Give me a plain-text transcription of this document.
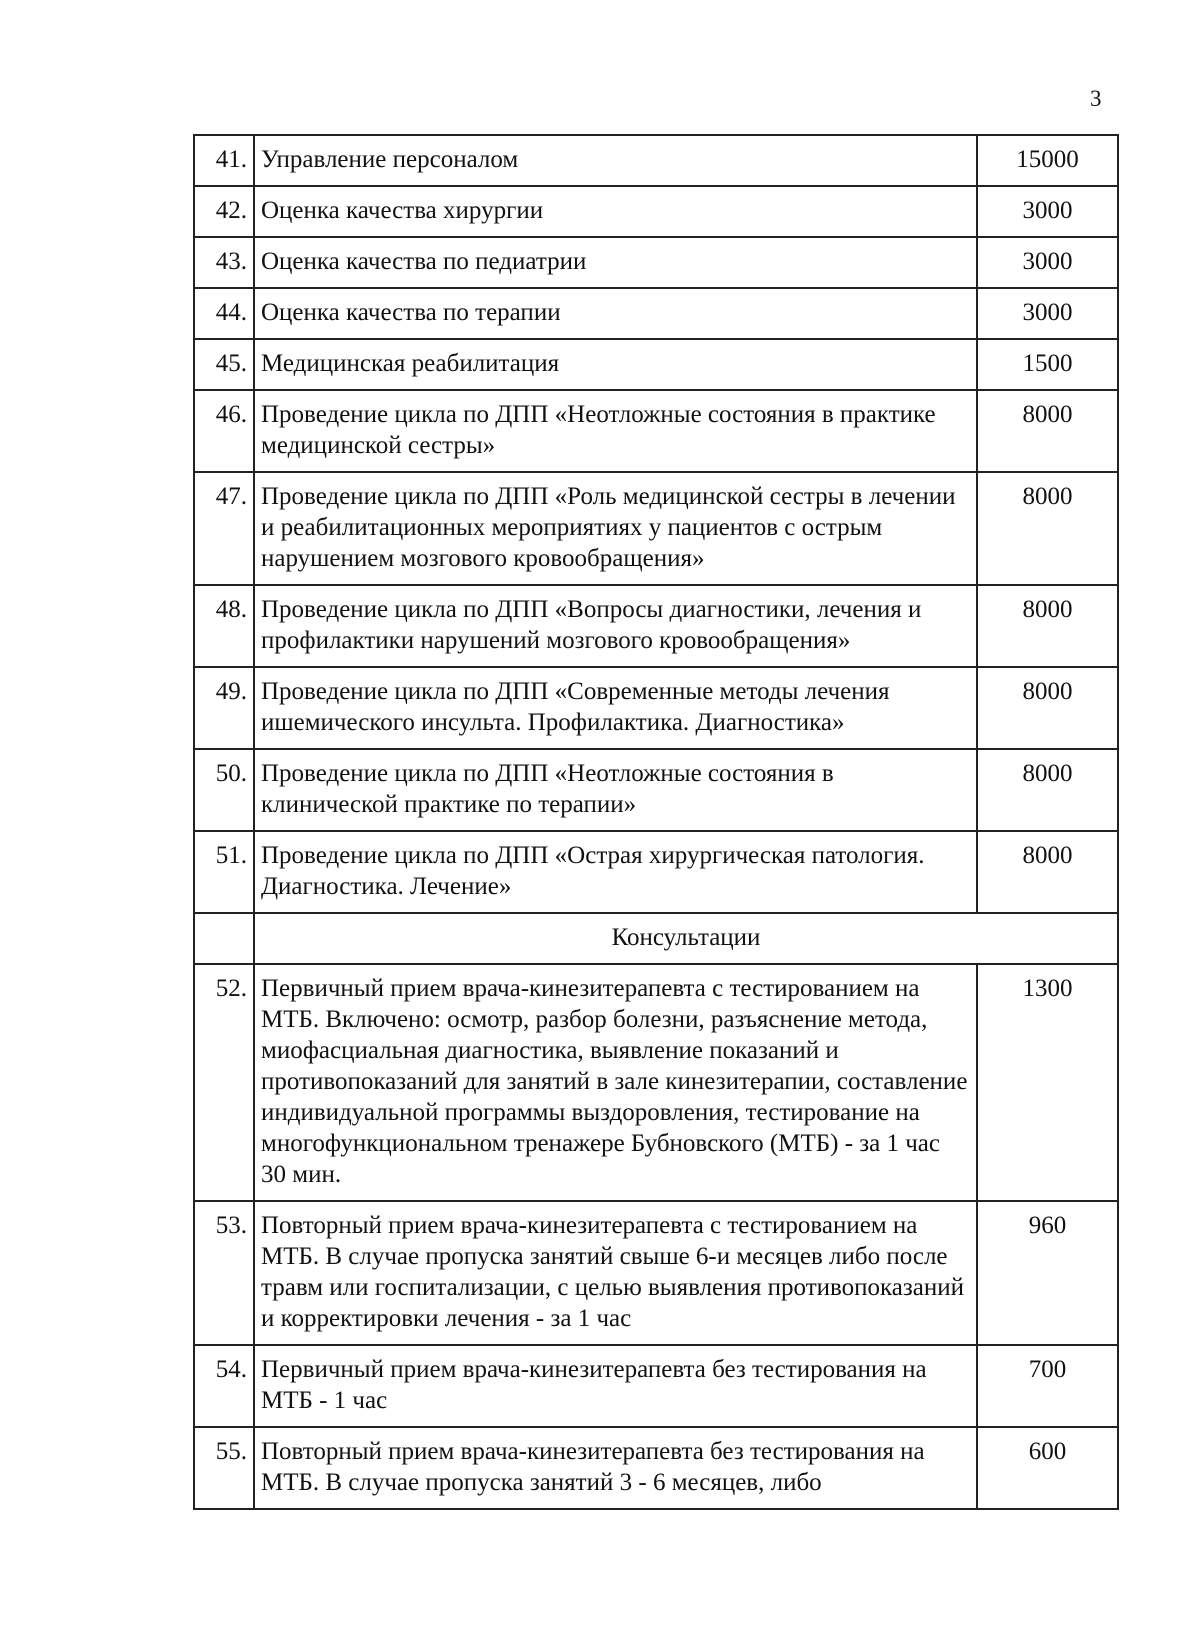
3
41.	Управление персоналом	15000
42.	Оценка качества хирургии	3000
43.	Оценка качества по педиатрии	3000
44.	Оценка качества по терапии	3000
45.	Медицинская реабилитация	1500
46.	Проведение цикла по ДПП «Неотложные состояния в практике медицинской сестры»	8000
47.	Проведение цикла по ДПП «Роль медицинской сестры в лечении и реабилитационных мероприятиях у пациентов с острым нарушением мозгового кровообращения»	8000
48.	Проведение цикла по ДПП «Вопросы диагностики, лечения и профилактики нарушений мозгового кровообращения»	8000
49.	Проведение цикла по ДПП «Современные методы лечения ишемического инсульта. Профилактика. Диагностика»	8000
50.	Проведение цикла по ДПП «Неотложные состояния в клинической практике по терапии»	8000
51.	Проведение цикла по ДПП «Острая хирургическая патология. Диагностика. Лечение»	8000
	Консультации	
52.	Первичный прием врача-кинезитерапевта с тестированием на МТБ. Включено: осмотр, разбор болезни, разъяснение метода, миофасциальная диагностика, выявление показаний и противопоказаний для занятий в зале кинезитерапии, составление индивидуальной программы выздоровления, тестирование на многофункциональном тренажере Бубновского (МТБ) - за 1 час 30 мин.	1300
53.	Повторный прием врача-кинезитерапевта с тестированием на МТБ. В случае пропуска занятий свыше 6-и месяцев либо после травм или госпитализации, с целью выявления противопоказаний и корректировки лечения - за 1 час	960
54.	Первичный прием врача-кинезитерапевта без тестирования на МТБ - 1 час	700
55.	Повторный прием врача-кинезитерапевта без тестирования на МТБ. В случае пропуска занятий 3 - 6 месяцев, либо	600
